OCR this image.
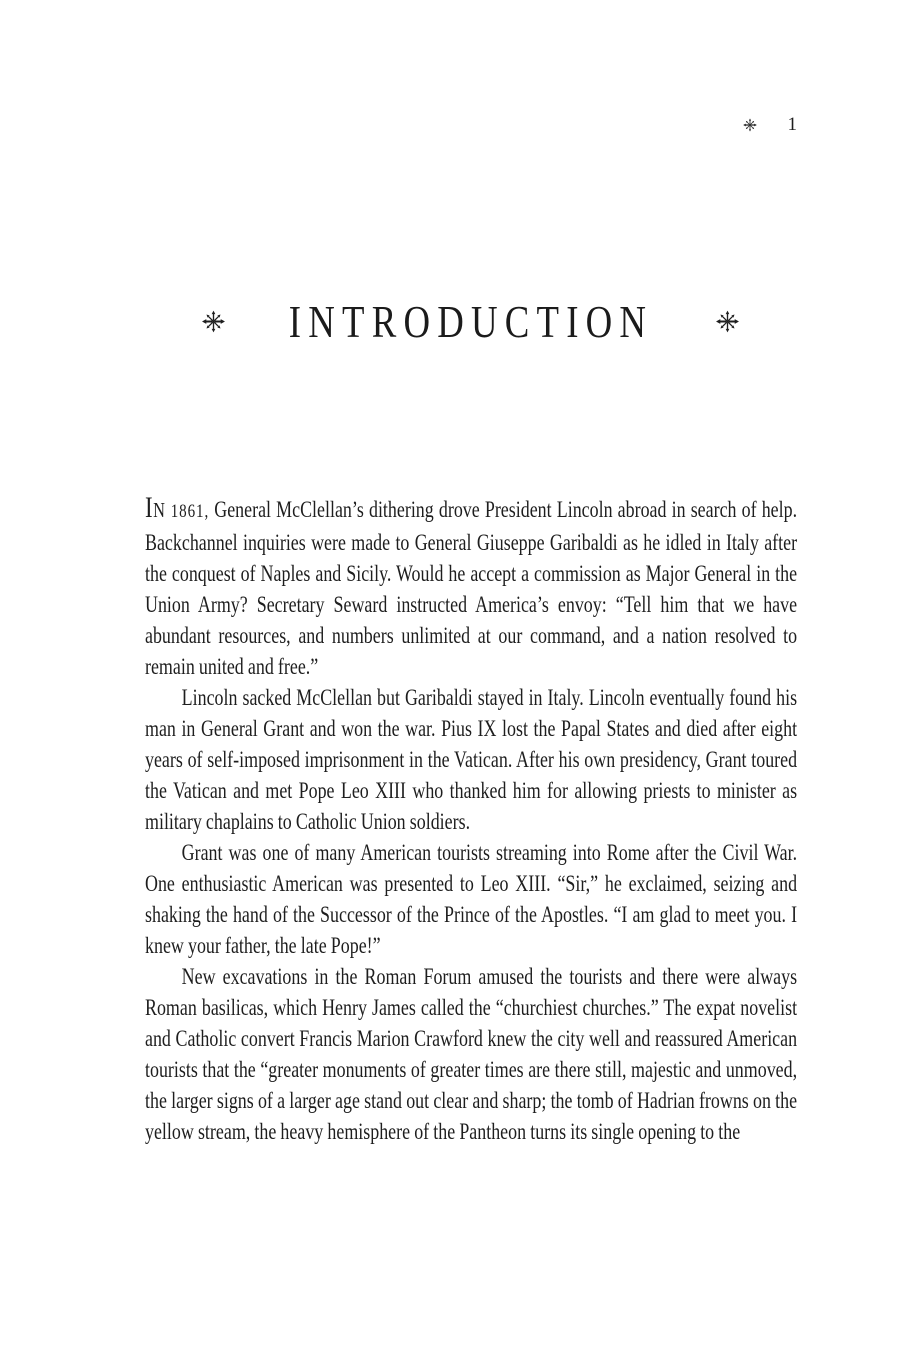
1
INTRODUCTION

In 1861, General McClellan’s dithering drove President Lincoln abroad in search of help. Backchannel inquiries were made to General Giuseppe Garibaldi as he idled in Italy after the conquest of Naples and Sicily. Would he accept a commission as Major General in the Union Army? Secretary Seward instructed America’s envoy: “Tell him that we have abundant resources, and numbers unlimited at our command, and a nation resolved to remain united and free.”

Lincoln sacked McClellan but Garibaldi stayed in Italy. Lincoln eventually found his man in General Grant and won the war. Pius IX lost the Papal States and died after eight years of self-imposed imprisonment in the Vatican. After his own presidency, Grant toured the Vatican and met Pope Leo XIII who thanked him for allowing priests to minister as military chaplains to Catholic Union soldiers.

Grant was one of many American tourists streaming into Rome after the Civil War. One enthusiastic American was presented to Leo XIII. “Sir,” he exclaimed, seizing and shaking the hand of the Successor of the Prince of the Apostles. “I am glad to meet you. I knew your father, the late Pope!”

New excavations in the Roman Forum amused the tourists and there were always Roman basilicas, which Henry James called the “churchiest churches.” The expat novelist and Catholic convert Francis Marion Crawford knew the city well and reassured American tourists that the “greater monuments of greater times are there still, majestic and unmoved, the larger signs of a larger age stand out clear and sharp; the tomb of Hadrian frowns on the yellow stream, the heavy hemisphere of the Pantheon turns its single opening to the
